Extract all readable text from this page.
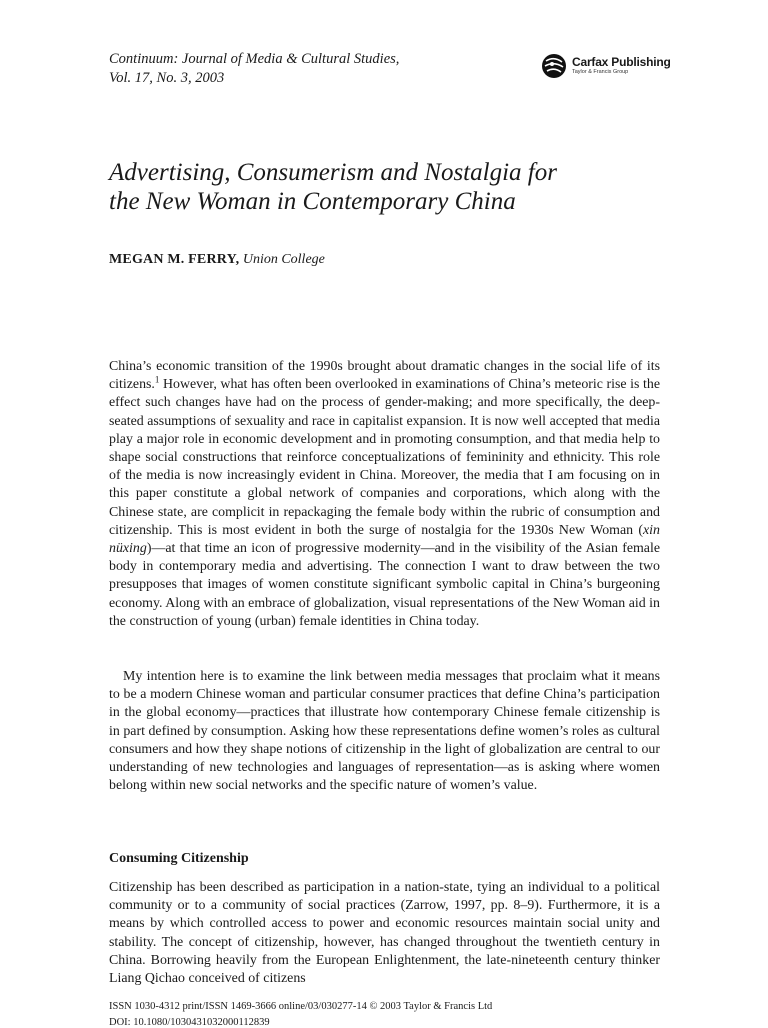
Continuum: Journal of Media & Cultural Studies,
Vol. 17, No. 3, 2003
Carfax Publishing
Taylor & Francis Group
Advertising, Consumerism and Nostalgia for
the New Woman in Contemporary China
MEGAN M. FERRY, Union College

China’s economic transition of the 1990s brought about dramatic changes in the social life of its citizens.$^1$ However, what has often been overlooked in examinations of China’s meteoric rise is the effect such changes have had on the process of gender-making; and more specifically, the deep-seated assumptions of sexuality and race in capitalist expansion. It is now well accepted that media play a major role in economic development and in promoting consumption, and that media help to shape social constructions that reinforce conceptualizations of femininity and ethnicity. This role of the media is now increasingly evident in China. Moreover, the media that I am focusing on in this paper constitute a global network of companies and corporations, which along with the Chinese state, are complicit in repackaging the female body within the rubric of consumption and citizenship. This is most evident in both the surge of nostalgia for the 1930s New Woman (xin nüxing)—at that time an icon of progressive modernity—and in the visibility of the Asian female body in contemporary media and advertising. The connection I want to draw between the two presupposes that images of women constitute significant symbolic capital in China’s burgeoning economy. Along with an embrace of globalization, visual representations of the New Woman aid in the construction of young (urban) female identities in China today.

My intention here is to examine the link between media messages that proclaim what it means to be a modern Chinese woman and particular consumer practices that define China’s participation in the global economy—practices that illustrate how contemporary Chinese female citizenship is in part defined by consumption. Asking how these representations define women’s roles as cultural consumers and how they shape notions of citizenship in the light of globalization are central to our understanding of new technologies and languages of representation—as is asking where women belong within new social networks and the specific nature of women’s value.

Consuming Citizenship

Citizenship has been described as participation in a nation-state, tying an individual to a political community or to a community of social practices (Zarrow, 1997, pp. 8–9). Furthermore, it is a means by which controlled access to power and economic resources maintain social unity and stability. The concept of citizenship, however, has changed throughout the twentieth century in China. Borrowing heavily from the European Enlightenment, the late-nineteenth century thinker Liang Qichao conceived of citizens

ISSN 1030-4312 print/ISSN 1469-3666 online/03/030277-14 © 2003 Taylor & Francis Ltd
DOI: 10.1080/1030431032000112839
